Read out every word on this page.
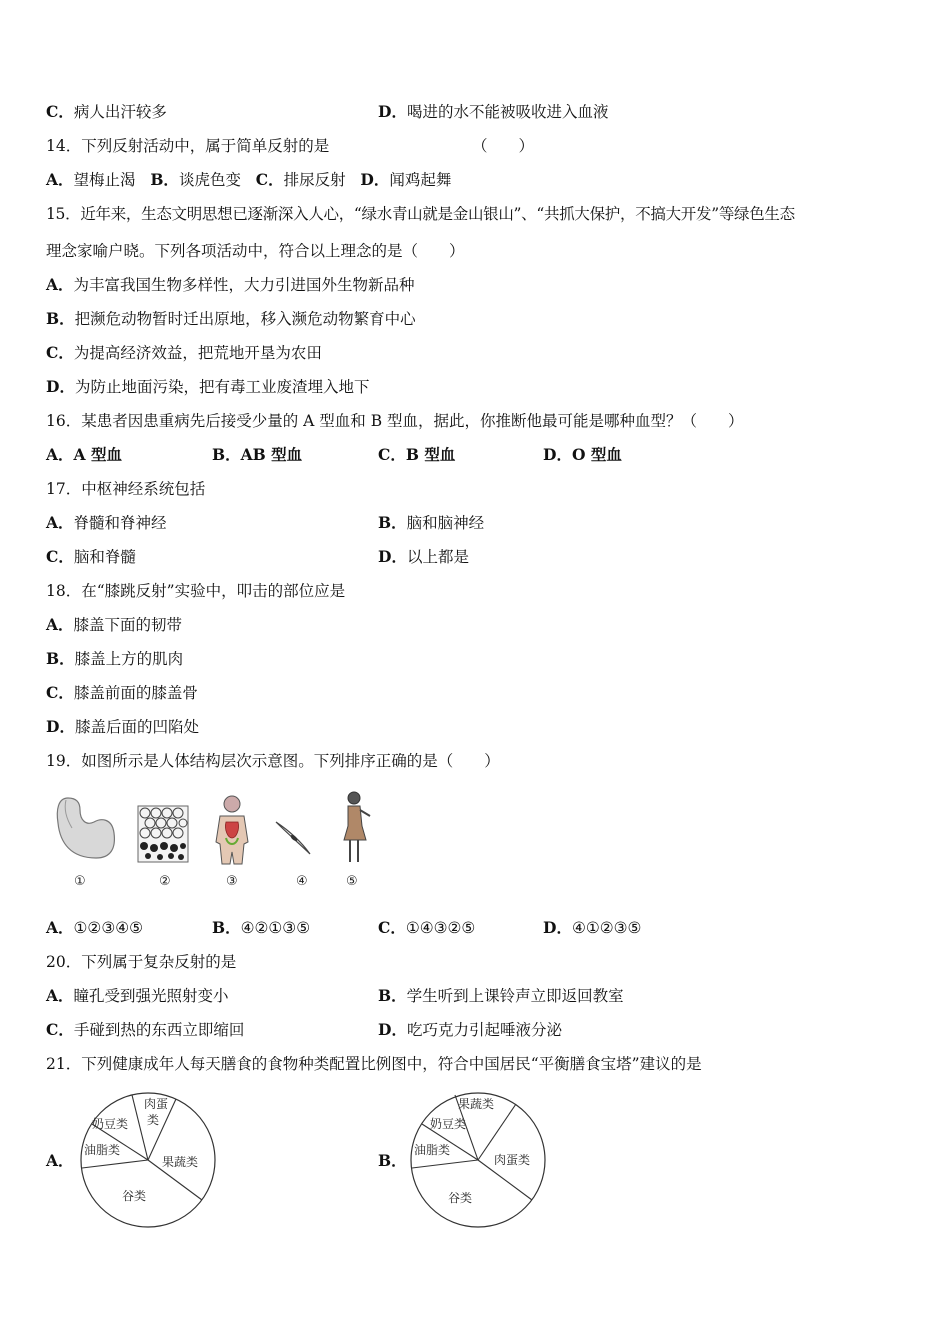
C．病人出汗较多	D．喝进的水不能被吸收进入血液
14．下列反射活动中，属于简单反射的是	（　　）
A．望梅止渴 B．谈虎色变 C．排尿反射 D．闻鸡起舞
15．近年来，生态文明思想已逐渐深入人心，“绿水青山就是金山银山”、“共抓大保护，不搞大开发”等绿色生态
理念家喻户晓。下列各项活动中，符合以上理念的是（　　）
A．为丰富我国生物多样性，大力引进国外生物新品种
B．把濒危动物暂时迁出原地，移入濒危动物繁育中心
C．为提高经济效益，把荒地开垦为农田
D．为防止地面污染，把有毒工业废渣埋入地下
16．某患者因患重病先后接受少量的 A 型血和 B 型血，据此，你推断他最可能是哪种血型？（　　）
A．A 型血	B．AB 型血	C．B 型血	D．O 型血
17．中枢神经系统包括
A．脊髓和脊神经	B．脑和脑神经
C．脑和脊髓	D．以上都是
18．在“膝跳反射”实验中，叩击的部位应是
A．膝盖下面的韧带
B．膝盖上方的肌肉
C．膝盖前面的膝盖骨
D．膝盖后面的凹陷处
19．如图所示是人体结构层次示意图。下列排序正确的是（　　）
①	②	③	④	⑤
A．①②③④⑤	B．④②①③⑤	C．①④③②⑤	D．④①②③⑤
20．下列属于复杂反射的是
A．瞳孔受到强光照射变小	B．学生听到上课铃声立即返回教室
C．手碰到热的东西立即缩回	D．吃巧克力引起唾液分泌
21．下列健康成年人每天膳食的食物种类配置比例图中，符合中国居民“平衡膳食宝塔”建议的是
A．
奶豆类
肉蛋
类
油脂类
果蔬类
谷类
B．
果蔬类
奶豆类
油脂类
肉蛋类
谷类
